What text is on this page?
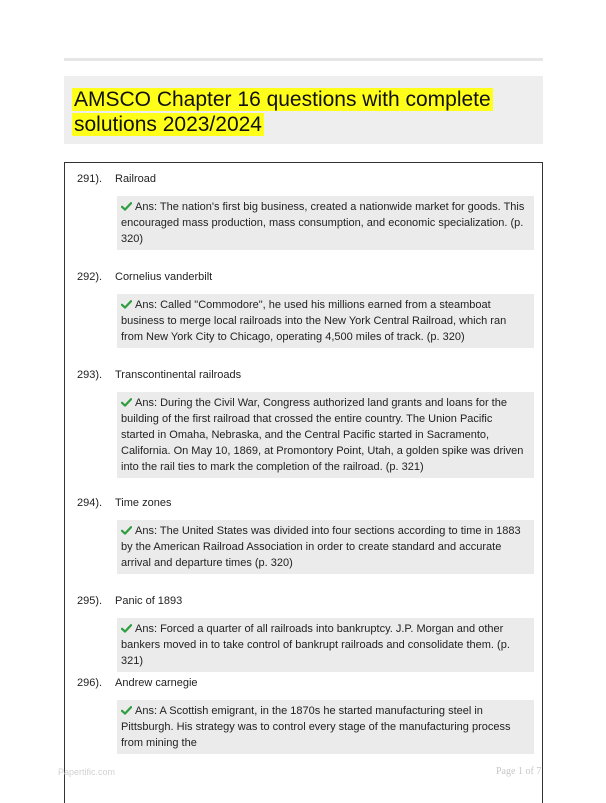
AMSCO Chapter 16 questions with complete solutions 2023/2024
291). Railroad
Ans: The nation's first big business, created a nationwide market for goods. This encouraged mass production, mass consumption, and economic specialization. (p. 320)
292). Cornelius vanderbilt
Ans: Called "Commodore", he used his millions earned from a steamboat business to merge local railroads into the New York Central Railroad, which ran from New York City to Chicago, operating 4,500 miles of track. (p. 320)
293). Transcontinental railroads
Ans: During the Civil War, Congress authorized land grants and loans for the building of the first railroad that crossed the entire country. The Union Pacific started in Omaha, Nebraska, and the Central Pacific started in Sacramento, California. On May 10, 1869, at Promontory Point, Utah, a golden spike was driven into the rail ties to mark the completion of the railroad. (p. 321)
294). Time zones
Ans: The United States was divided into four sections according to time in 1883 by the American Railroad Association in order to create standard and accurate arrival and departure times (p. 320)
295). Panic of 1893
Ans: Forced a quarter of all railroads into bankruptcy. J.P. Morgan and other bankers moved in to take control of bankrupt railroads and consolidate them. (p. 321)
296). Andrew carnegie
Ans: A Scottish emigrant, in the 1870s he started manufacturing steel in Pittsburgh. His strategy was to control every stage of the manufacturing process from mining the
Papertific.com	Page 1 of 7
